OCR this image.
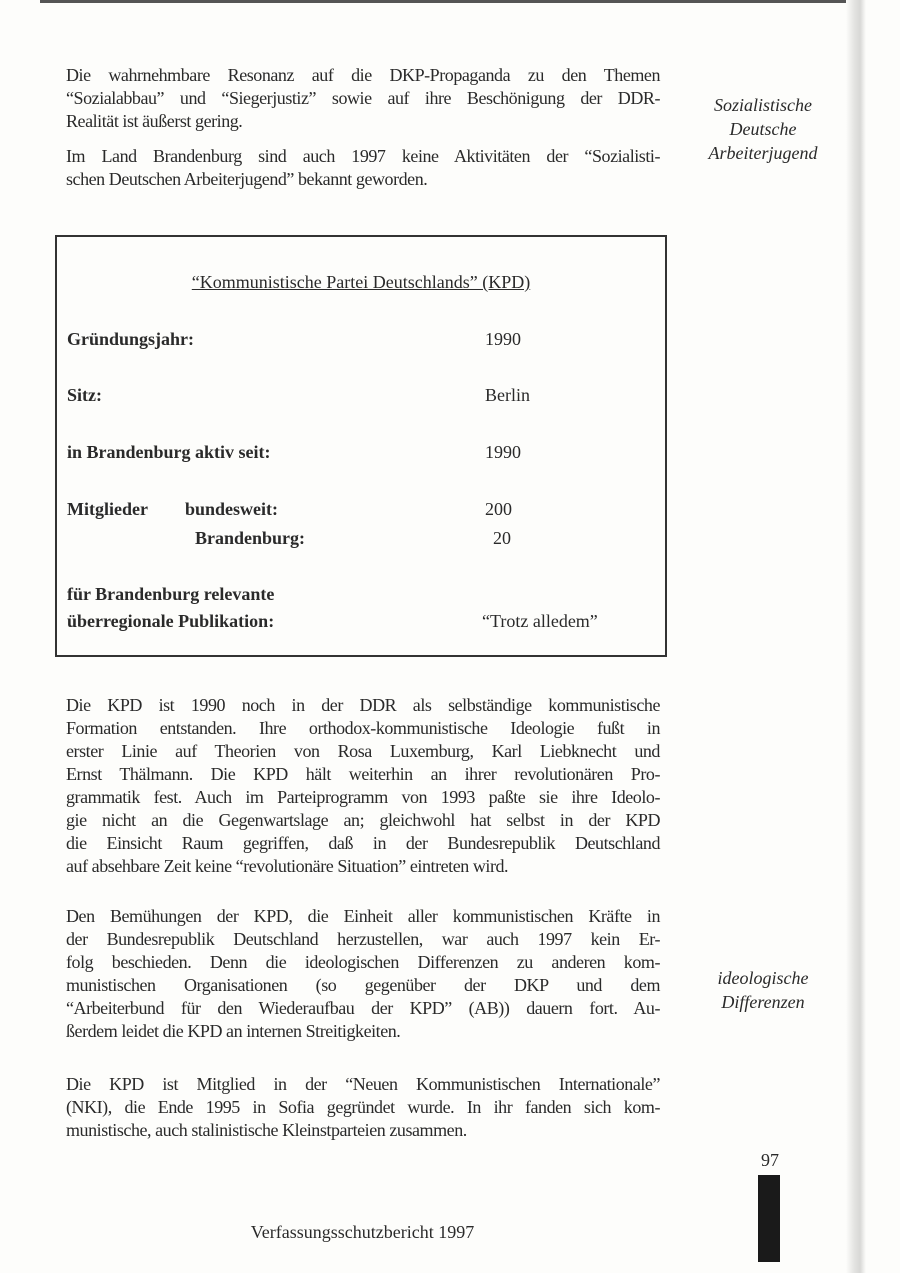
Die wahrnehmbare Resonanz auf die DKP-Propaganda zu den Themen
“Sozialabbau” und “Siegerjustiz” sowie auf ihre Beschönigung der DDR-
Realität ist äußerst gering.
Im Land Brandenburg sind auch 1997 keine Aktivitäten der “Sozialisti-
schen Deutschen Arbeiterjugend” bekannt geworden.
Sozialistische
Deutsche
Arbeiterjugend
“Kommunistische Partei Deutschlands” (KPD)
Gründungsjahr:	1990
Sitz:	Berlin
in Brandenburg aktiv seit:	1990
Mitglieder bundesweit:	200
Brandenburg:	20
für Brandenburg relevante
überregionale Publikation:	“Trotz alledem”
Die KPD ist 1990 noch in der DDR als selbständige kommunistische
Formation entstanden. Ihre orthodox-kommunistische Ideologie fußt in
erster Linie auf Theorien von Rosa Luxemburg, Karl Liebknecht und
Ernst Thälmann. Die KPD hält weiterhin an ihrer revolutionären Pro-
grammatik fest. Auch im Parteiprogramm von 1993 paßte sie ihre Ideolo-
gie nicht an die Gegenwartslage an; gleichwohl hat selbst in der KPD
die Einsicht Raum gegriffen, daß in der Bundesrepublik Deutschland
auf absehbare Zeit keine “revolutionäre Situation” eintreten wird.
Den Bemühungen der KPD, die Einheit aller kommunistischen Kräfte in
der Bundesrepublik Deutschland herzustellen, war auch 1997 kein Er-
folg beschieden. Denn die ideologischen Differenzen zu anderen kom-
munistischen Organisationen (so gegenüber der DKP und dem
“Arbeiterbund für den Wiederaufbau der KPD” (AB)) dauern fort. Au-
ßerdem leidet die KPD an internen Streitigkeiten.
Die KPD ist Mitglied in der “Neuen Kommunistischen Internationale”
(NKI), die Ende 1995 in Sofia gegründet wurde. In ihr fanden sich kom-
munistische, auch stalinistische Kleinstparteien zusammen.
ideologische
Differenzen
97
Verfassungsschutzbericht 1997
